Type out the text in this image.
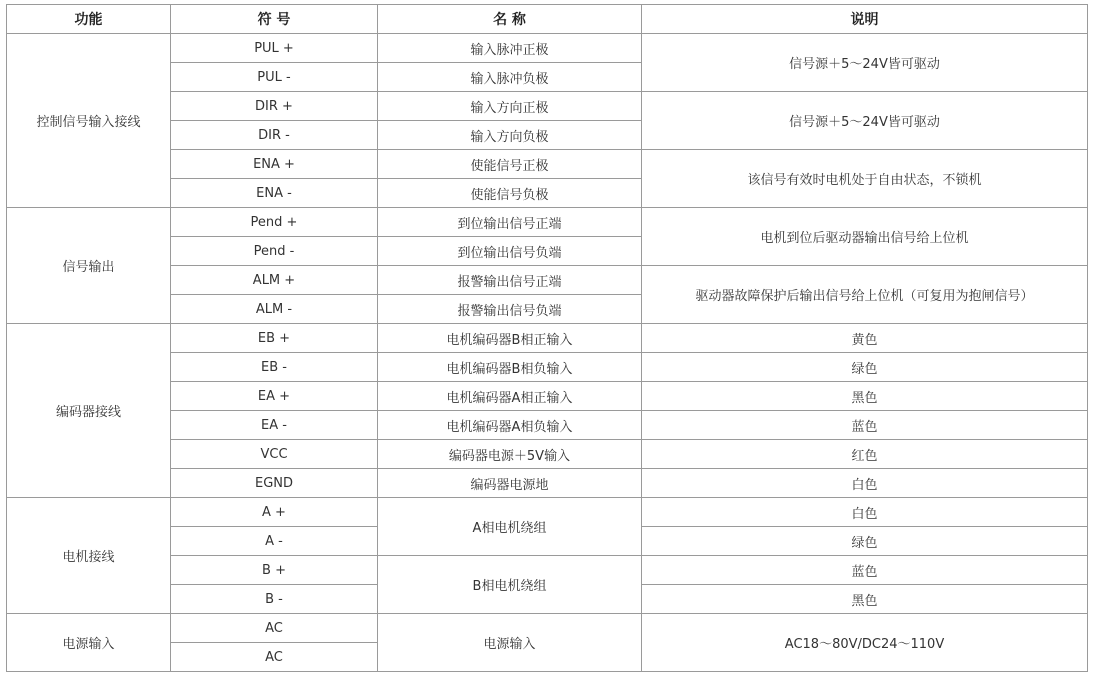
功能	符 号	名 称	说明
控制信号输入接线	PUL +	输入脉冲正极	信号源＋5～24V皆可驱动
	PUL -	输入脉冲负极	
	DIR +	输入方向正极	信号源＋5～24V皆可驱动
	DIR -	输入方向负极	
	ENA +	使能信号正极	该信号有效时电机处于自由状态，不锁机
	ENA -	使能信号负极	
信号输出	Pend +	到位输出信号正端	电机到位后驱动器输出信号给上位机
	Pend -	到位输出信号负端	
	ALM +	报警输出信号正端	驱动器故障保护后输出信号给上位机（可复用为抱闸信号）
	ALM -	报警输出信号负端	
编码器接线	EB +	电机编码器B相正输入	黄色
	EB -	电机编码器B相负输入	绿色
	EA +	电机编码器A相正输入	黑色
	EA -	电机编码器A相负输入	蓝色
	VCC	编码器电源＋5V输入	红色
	EGND	编码器电源地	白色
电机接线	A +	A相电机绕组	白色
	A -		绿色
	B +	B相电机绕组	蓝色
	B -		黑色
电源输入	AC	电源输入	AC18～80V/DC24～110V
	AC		
